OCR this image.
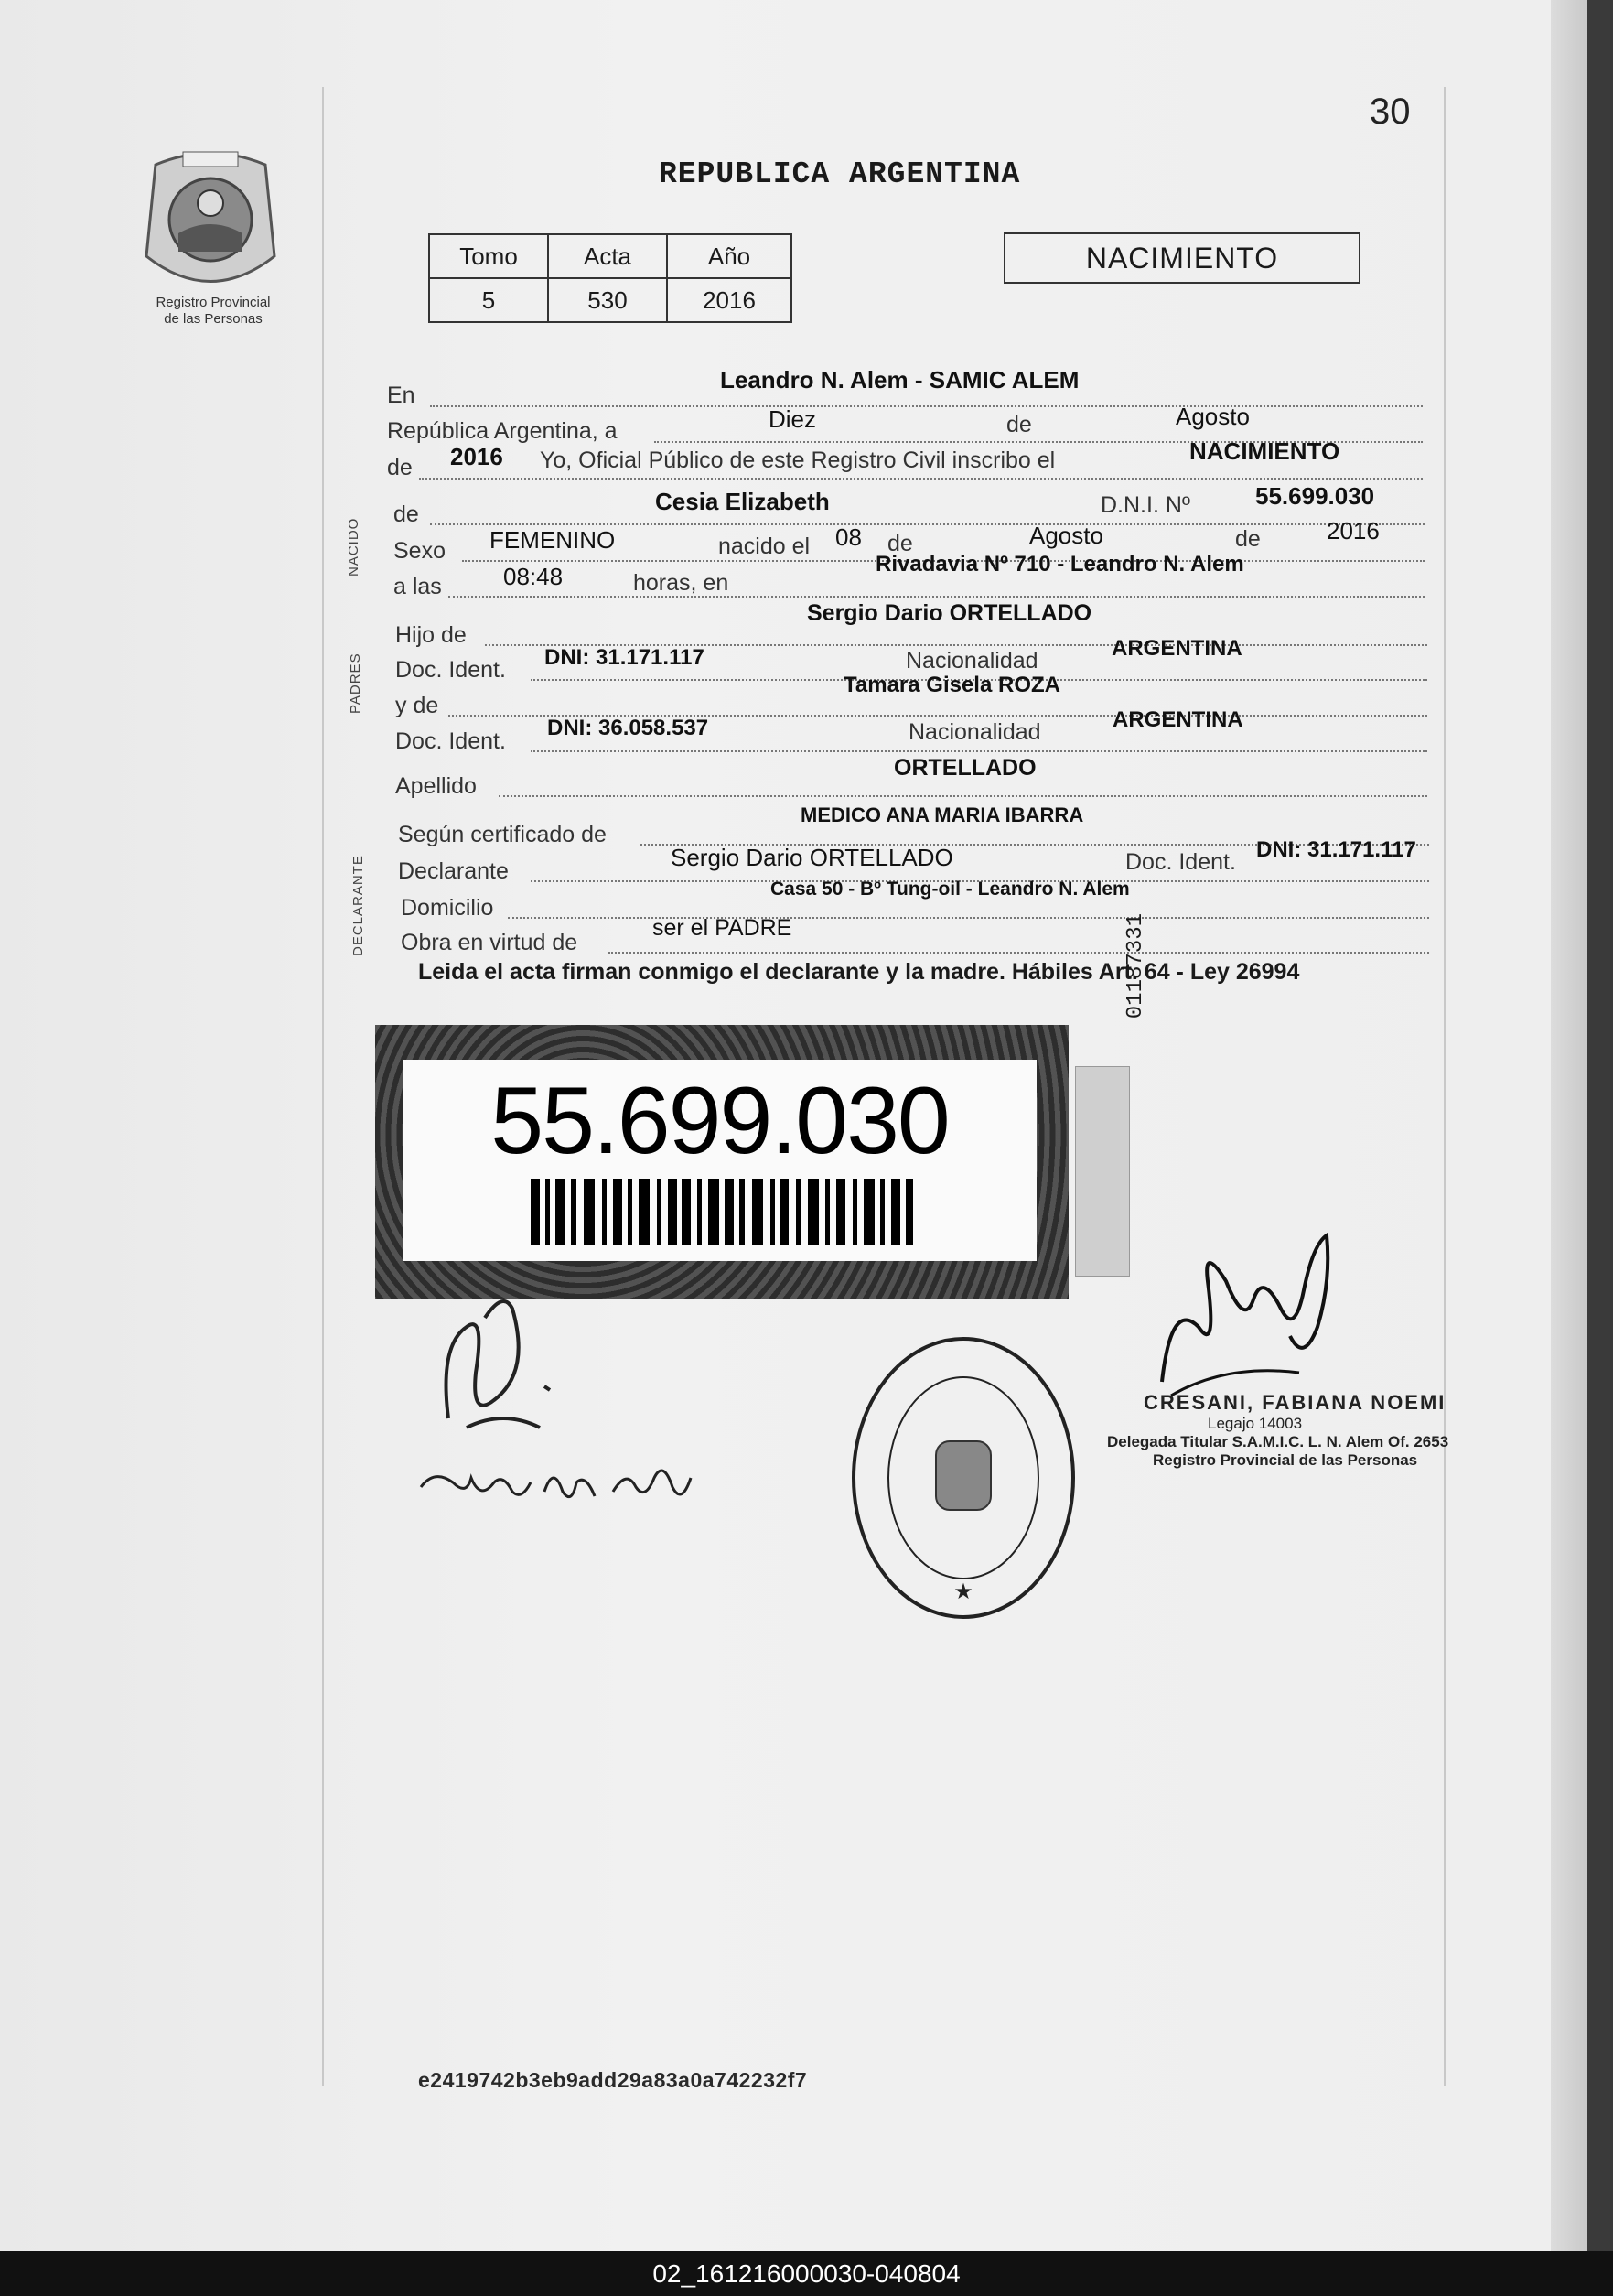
30
Registro Provincial
de las Personas
REPUBLICA ARGENTINA
Tomo	Acta	Año
5	530	2016
NACIMIENTO
NACIDO
PADRES
DECLARANTE
En
Leandro N. Alem - SAMIC ALEM
República Argentina, a	Diez	de	Agosto
de 2016 Yo, Oficial Público de este Registro Civil inscribo el	NACIMIENTO
de	Cesia Elizabeth	D.N.I. Nº	55.699.030
Sexo FEMENINO	nacido el 08 de	Agosto	de	2016
a las	08:48	horas, en
Rivadavia Nº 710 - Leandro N. Alem
Hijo de
Sergio Dario ORTELLADO
Doc. Ident. DNI: 31.171.117	Nacionalidad	ARGENTINA
y de
Tamara Gisela ROZA
Doc. Ident.
DNI: 36.058.537	Nacionalidad	ARGENTINA
Apellido
ORTELLADO
Según certificado de
MEDICO ANA MARIA IBARRA
Declarante	Sergio Dario ORTELLADO	Doc. Ident. DNI: 31.171.117
Domicilio
Casa 50 - Bº Tung-oil - Leandro N. Alem
Obra en virtud de
ser el PADRE
Leida el acta firman conmigo el declarante y la madre. Hábiles Art. 64 - Ley 26994
55.699.030
01187331
★
CRESANI, FABIANA NOEMI
Legajo 14003
Delegada Titular S.A.M.I.C. L. N. Alem Of. 2653
Registro Provincial de las Personas
e2419742b3eb9add29a83a0a742232f7
02_161216000030-040804
